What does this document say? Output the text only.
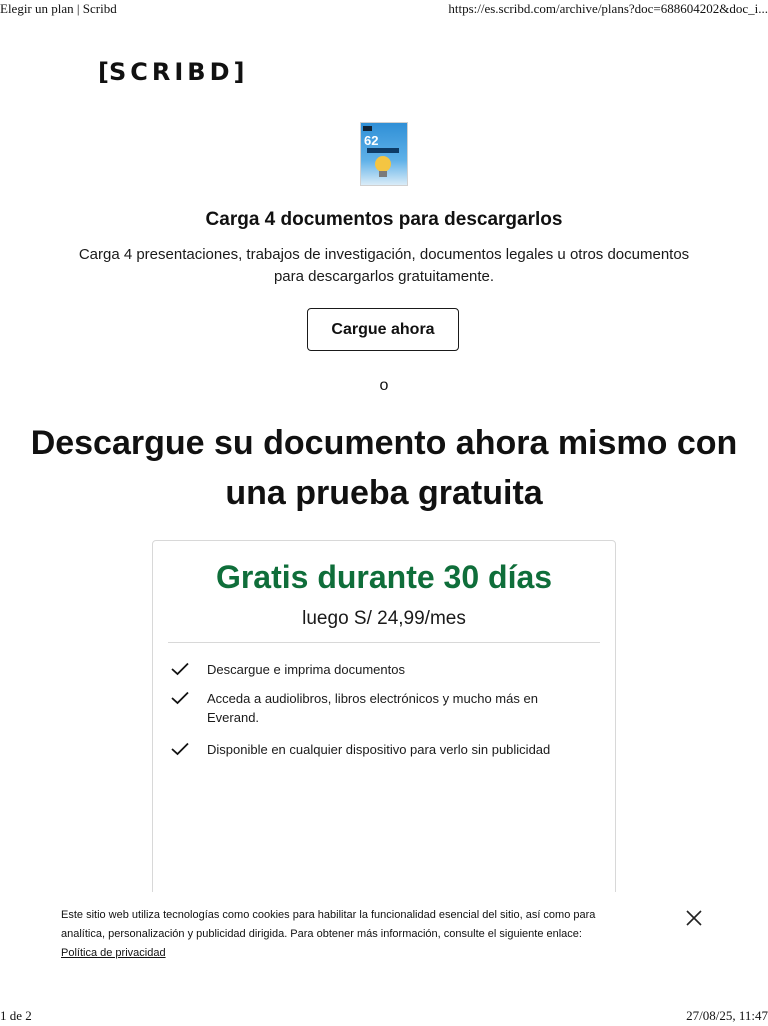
Elegir un plan | Scribd	https://es.scribd.com/archive/plans?doc=688604202&doc_i...
[SCRIBD]
62
Carga 4 documentos para descargarlos
Carga 4 presentaciones, trabajos de investigación, documentos legales u otros documentos para descargarlos gratuitamente.
Cargue ahora
o
Descargue su documento ahora mismo con una prueba gratuita
Gratis durante 30 días
luego S/ 24,99/mes
Descargue e imprima documentos
Acceda a audiolibros, libros electrónicos y mucho más en Everand.
Disponible en cualquier dispositivo para verlo sin publicidad
Este sitio web utiliza tecnologías como cookies para habilitar la funcionalidad esencial del sitio, así como para analítica, personalización y publicidad dirigida. Para obtener más información, consulte el siguiente enlace:
Política de privacidad
1 de 2	27/08/25, 11:47
